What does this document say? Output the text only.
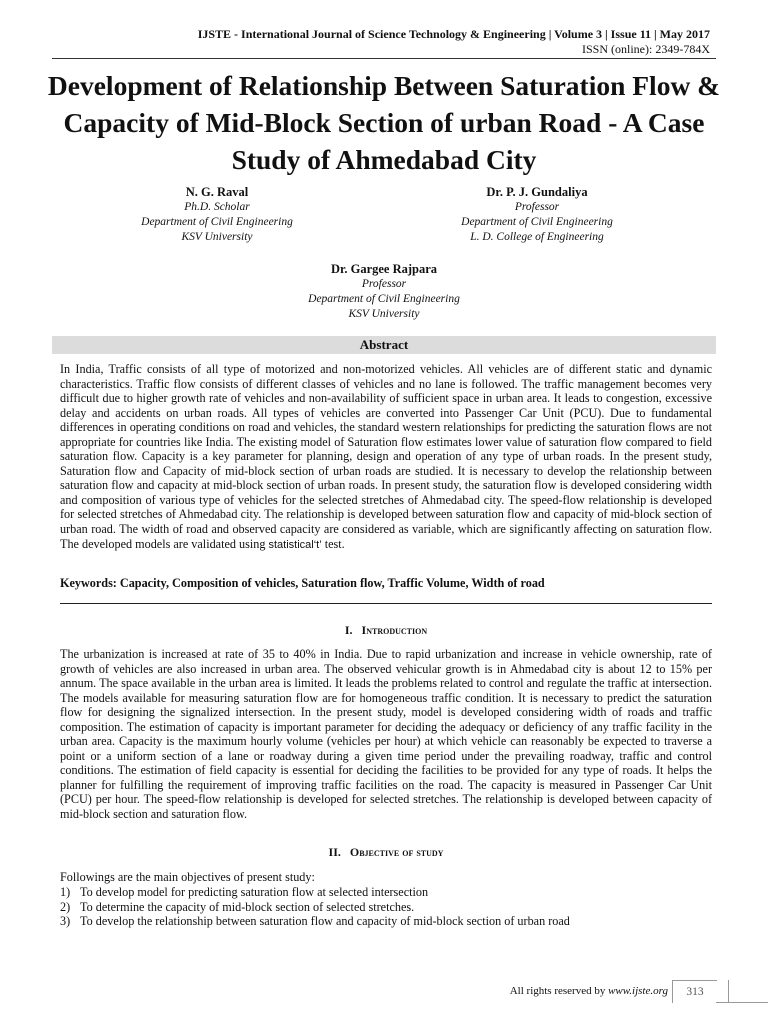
IJSTE - International Journal of Science Technology & Engineering | Volume 3 | Issue 11 | May 2017
ISSN (online): 2349-784X
Development of Relationship Between Saturation Flow & Capacity of Mid-Block Section of urban Road - A Case Study of Ahmedabad City
N. G. Raval
Ph.D. Scholar
Department of Civil Engineering
KSV University
Dr. P. J. Gundaliya
Professor
Department of Civil Engineering
L. D. College of Engineering
Dr. Gargee Rajpara
Professor
Department of Civil Engineering
KSV University
Abstract

In India, Traffic consists of all type of motorized and non-motorized vehicles. All vehicles are of different static and dynamic characteristics. Traffic flow consists of different classes of vehicles and no lane is followed. The traffic management becomes very difficult due to higher growth rate of vehicles and non-availability of sufficient space in urban area. It leads to congestion, excessive delay and accidents on urban roads. All types of vehicles are converted into Passenger Car Unit (PCU). Due to fundamental differences in operating conditions on road and vehicles, the standard western relationships for predicting the saturation flows are not appropriate for countries like India. The existing model of Saturation flow estimates lower value of saturation flow compared to field saturation flow. Capacity is a key parameter for planning, design and operation of any type of urban roads. In the present study, Saturation flow and Capacity of mid-block section of urban roads are studied. It is necessary to develop the relationship between saturation flow and capacity at mid-block section of urban roads. In present study, the saturation flow is developed considering width and composition of various type of vehicles for the selected stretches of Ahmedabad city. The speed-flow relationship is developed for selected stretches of Ahmedabad city. The relationship is developed between saturation flow and capacity of mid-block section of urban road. The width of road and observed capacity are considered as variable, which are significantly affecting on saturation flow. The developed models are validated using statistical‘t’ test.

Keywords: Capacity, Composition of vehicles, Saturation flow, Traffic Volume, Width of road

I. Introduction

The urbanization is increased at rate of 35 to 40% in India. Due to rapid urbanization and increase in vehicle ownership, rate of growth of vehicles are also increased in urban area. The observed vehicular growth is in Ahmedabad city is about 12 to 15% per annum. The space available in the urban area is limited. It leads the problems related to control and regulate the traffic at intersection. The models available for measuring saturation flow are for homogeneous traffic condition. It is necessary to predict the saturation flow for designing the signalized intersection. In the present study, model is developed considering width of roads and traffic composition. The estimation of capacity is important parameter for deciding the adequacy or deficiency of any traffic facility in the urban area. Capacity is the maximum hourly volume (vehicles per hour) at which vehicle can reasonably be expected to traverse a point or a uniform section of a lane or roadway during a given time period under the prevailing roadway, traffic and control conditions. The estimation of field capacity is essential for deciding the facilities to be provided for any type of roads. It helps the planner for fulfilling the requirement of improving traffic facilities on the road. The capacity is measured in Passenger Car Unit (PCU) per hour. The speed-flow relationship is developed for selected stretches. The relationship is developed between capacity of mid-block section and saturation flow.

II. Objective of study
Followings are the main objectives of present study:
1) To develop model for predicting saturation flow at selected intersection
2) To determine the capacity of mid-block section of selected stretches.
3) To develop the relationship between saturation flow and capacity of mid-block section of urban road
All rights reserved by www.ijste.org	313
